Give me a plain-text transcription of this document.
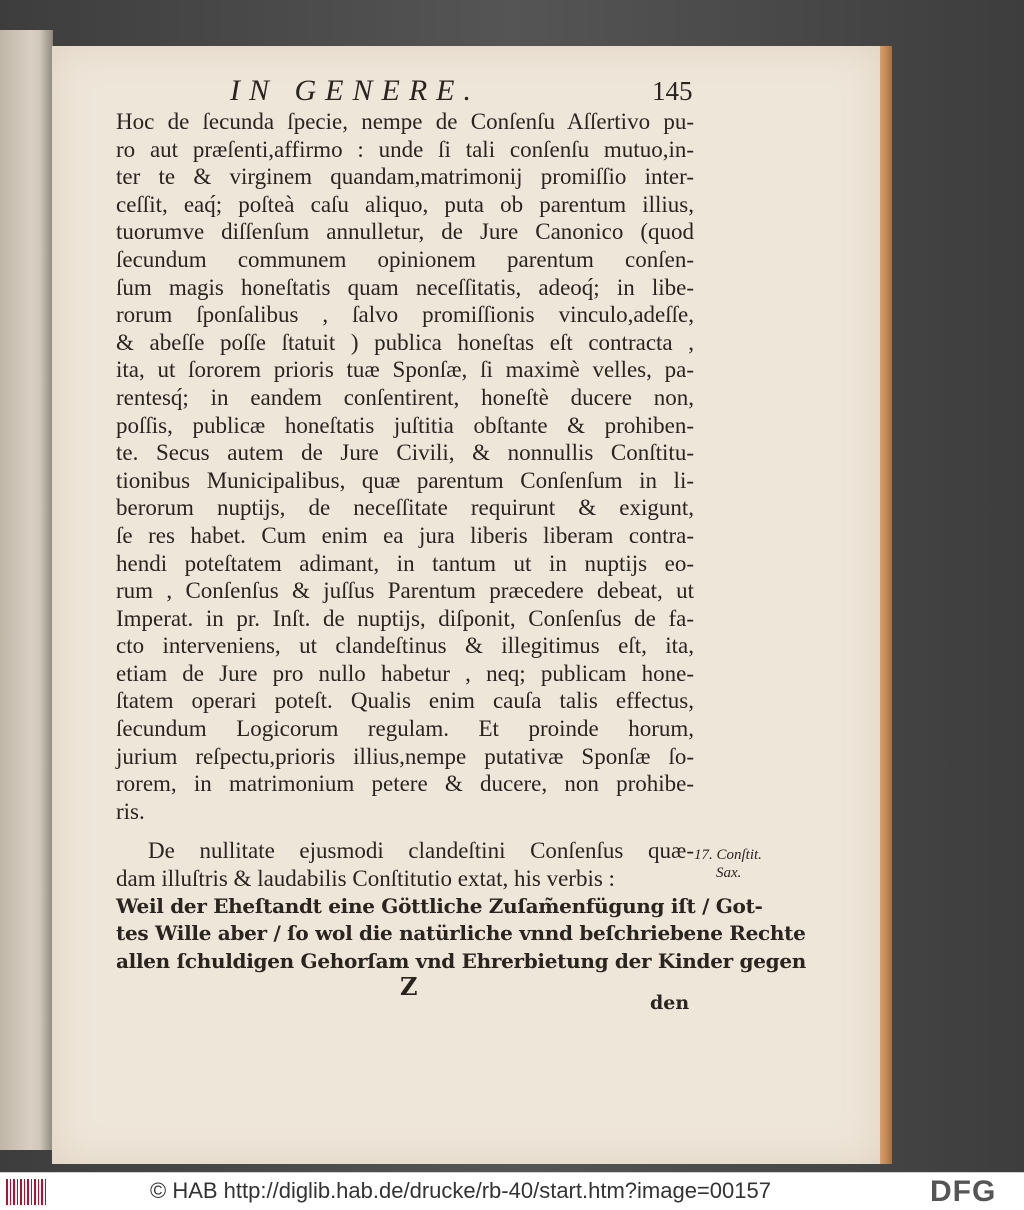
IN GENERE.	145
Hoc de ſecunda ſpecie, nempe de Conſenſu Aſſertivo pu-
ro aut præſenti,affirmo : unde ſi tali conſenſu mutuo,in-
ter te & virginem quandam,matrimonij promiſſio inter-
ceſſit, eaq́; poſteà caſu aliquo, puta ob parentum illius,
tuorumve diſſenſum annulletur, de Jure Canonico (quod
ſecundum communem opinionem parentum conſen-
ſum magis honeſtatis quam neceſſitatis, adeoq́; in libe-
rorum ſponſalibus , ſalvo promiſſionis vinculo,adeſſe,
& abeſſe poſſe ſtatuit ) publica honeſtas eſt contracta ,
ita, ut ſororem prioris tuæ Sponſæ, ſi maximè velles, pa-
rentesq́; in eandem conſentirent, honeſtè ducere non,
poſſis, publicæ honeſtatis juſtitia obſtante & prohiben-
te. Secus autem de Jure Civili, & nonnullis Conſtitu-
tionibus Municipalibus, quæ parentum Conſenſum in li-
berorum nuptijs, de neceſſitate requirunt & exigunt,
ſe res habet. Cum enim ea jura liberis liberam contra-
hendi poteſtatem adimant, in tantum ut in nuptijs eo-
rum , Conſenſus & juſſus Parentum præcedere debeat, ut
Imperat. in pr. Inſt. de nuptijs, diſponit, Conſenſus de fa-
cto interveniens, ut clandeſtinus & illegitimus eſt, ita,
etiam de Jure pro nullo habetur , neq; publicam hone-
ſtatem operari poteſt. Qualis enim cauſa talis effectus,
ſecundum Logicorum regulam. Et proinde horum,
jurium reſpectu,prioris illius,nempe putativæ Sponſæ ſo-
rorem, in matrimonium petere & ducere, non prohibe-
ris.
De nullitate ejusmodi clandeſtini Conſenſus quæ-
dam illuſtris & laudabilis Conſtitutio extat, his verbis :
Weil der Eheſtandt eine Göttliche Zuſam̃enfügung iſt / Got-
tes Wille aber / ſo wol die natürliche vnnd beſchriebene Rechte
allen ſchuldigen Gehorſam vnd Ehrerbietung der Kinder gegen
17. Conſtit.
Sax.
Z
den
© HAB http://diglib.hab.de/drucke/rb-40/start.htm?image=00157	DFG
